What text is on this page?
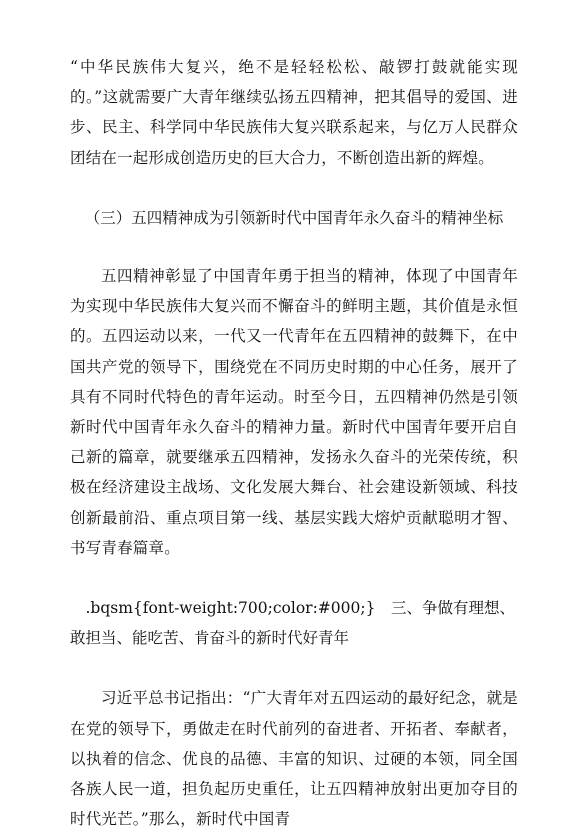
“中华民族伟大复兴，绝不是轻轻松松、敲锣打鼓就能实现的。”这就需要广大青年继续弘扬五四精神，把其倡导的爱国、进步、民主、科学同中华民族伟大复兴联系起来，与亿万人民群众团结在一起形成创造历史的巨大合力，不断创造出新的辉煌。

（三）五四精神成为引领新时代中国青年永久奋斗的精神坐标

五四精神彰显了中国青年勇于担当的精神，体现了中国青年为实现中华民族伟大复兴而不懈奋斗的鲜明主题，其价值是永恒的。五四运动以来，一代又一代青年在五四精神的鼓舞下，在中国共产党的领导下，围绕党在不同历史时期的中心任务，展开了具有不同时代特色的青年运动。时至今日，五四精神仍然是引领新时代中国青年永久奋斗的精神力量。新时代中国青年要开启自己新的篇章，就要继承五四精神，发扬永久奋斗的光荣传统，积极在经济建设主战场、文化发展大舞台、社会建设新领域、科技创新最前沿、重点项目第一线、基层实践大熔炉贡献聪明才智、书写青春篇章。

.bqsm{font-weight:700;color:#000;}　三、争做有理想、敢担当、能吃苦、肯奋斗的新时代好青年

习近平总书记指出：“广大青年对五四运动的最好纪念，就是在党的领导下，勇做走在时代前列的奋进者、开拓者、奉献者，以执着的信念、优良的品德、丰富的知识、过硬的本领，同全国各族人民一道，担负起历史重任，让五四精神放射出更加夺目的时代光芒。”那么，新时代中国青
